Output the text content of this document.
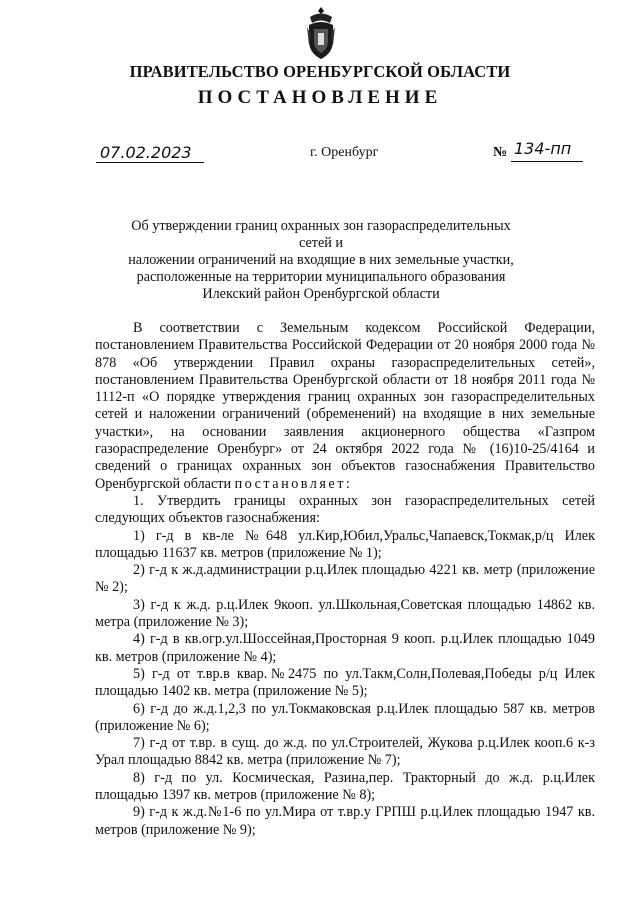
ПРАВИТЕЛЬСТВО ОРЕНБУРГСКОЙ ОБЛАСТИ
ПОСТАНОВЛЕНИЕ
07.02.2023	г. Оренбург	№ 134-пп
Об утверждении границ охранных зон газораспределительных сетей и
наложении ограничений на входящие в них земельные участки,
расположенные на территории муниципального образования
Илекский район Оренбургской области

В соответствии с Земельным кодексом Российской Федерации, постановлением Правительства Российской Федерации от 20 ноября 2000 года № 878 «Об утверждении Правил охраны газораспределительных сетей», постановлением Правительства Оренбургской области от 18 ноября 2011 года № 1112-п «О порядке утверждения границ охранных зон газораспределительных сетей и наложении ограничений (обременений) на входящие в них земельные участки», на основании заявления акционерного общества «Газпром газораспределение Оренбург» от 24 октября 2022 года № (16)10-25/4164 и сведений о границах охранных зон объектов газоснабжения Правительство Оренбургской области постановляет:

1. Утвердить границы охранных зон газораспределительных сетей следующих объектов газоснабжения:

1) г-д в кв-ле №648 ул.Кир,Юбил,Уральс,Чапаевск,Токмак,р/ц Илек площадью 11637 кв. метров (приложение № 1);

2) г-д к ж.д.администрации р.ц.Илек площадью 4221 кв. метр (приложение № 2);

3) г-д к ж.д. р.ц.Илек 9кооп. ул.Школьная,Советская площадью 14862 кв. метра (приложение № 3);

4) г-д в кв.огр.ул.Шоссейная,Просторная 9 кооп. р.ц.Илек площадью 1049 кв. метров (приложение № 4);

5) г-д от т.вр.в квар.№2475 по ул.Такм,Солн,Полевая,Победы р/ц Илек площадью 1402 кв. метра (приложение № 5);

6) г-д до ж.д.1,2,3 по ул.Токмаковская р.ц.Илек площадью 587 кв. метров (приложение № 6);

7) г-д от т.вр. в сущ. до ж.д. по ул.Строителей, Жукова р.ц.Илек кооп.6 к-з Урал площадью 8842 кв. метра (приложение № 7);

8) г-д по ул. Космическая, Разина,пер. Тракторный до ж.д. р.ц.Илек площадью 1397 кв. метров (приложение № 8);

9) г-д к ж.д.№1-6 по ул.Мира от т.вр.у ГРПШ р.ц.Илек площадью 1947 кв. метров (приложение № 9);
